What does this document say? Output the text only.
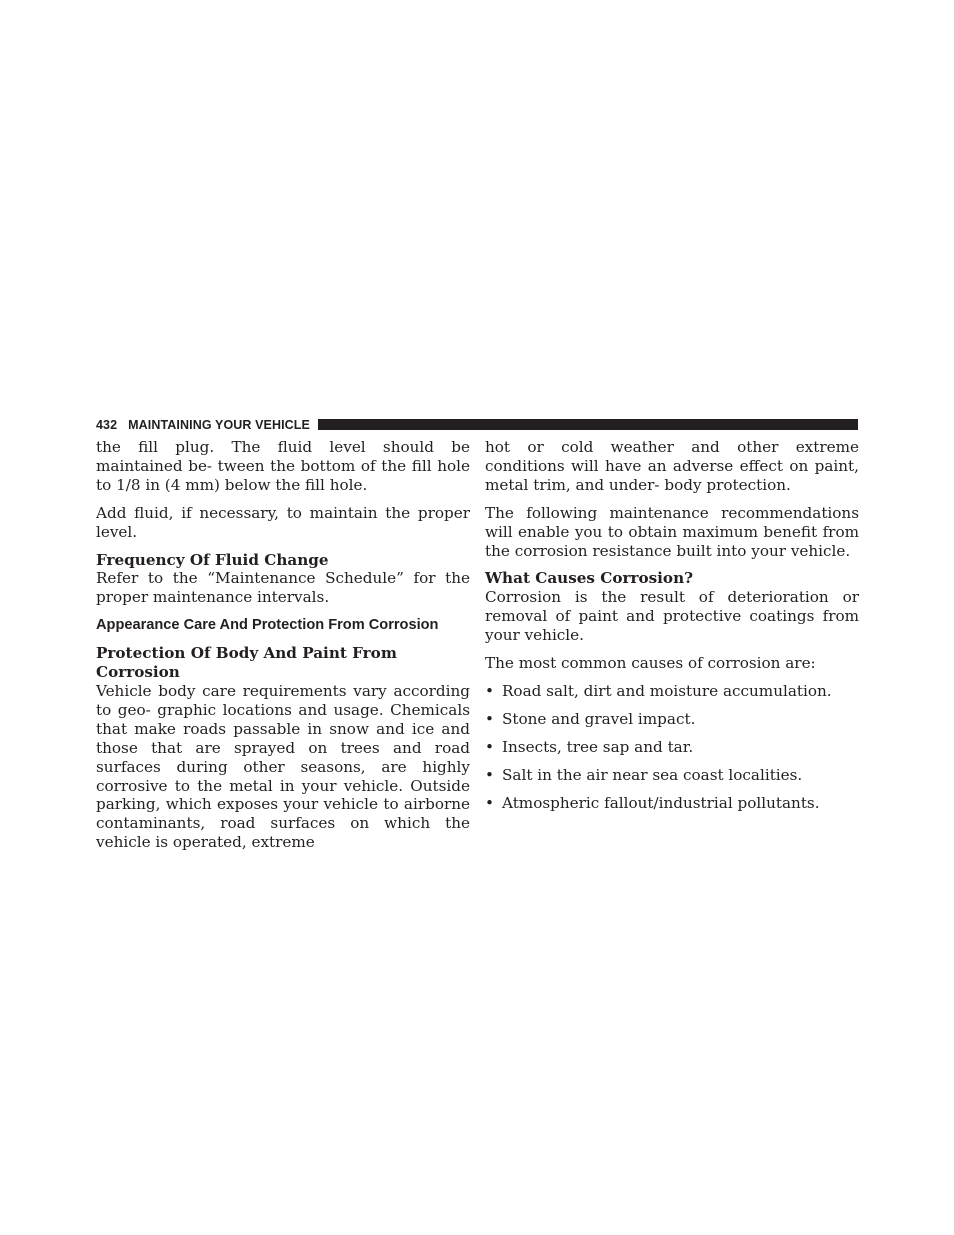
432 MAINTAINING YOUR VEHICLE

the fill plug. The fluid level should be maintained be- tween the bottom of the fill hole to 1/8 in (4 mm) below the fill hole.

Add fluid, if necessary, to maintain the proper level.

Frequency Of Fluid Change

Refer to the “Maintenance Schedule” for the proper maintenance intervals.

Appearance Care And Protection From Corrosion
Protection Of Body And Paint From Corrosion

Vehicle body care requirements vary according to geo- graphic locations and usage. Chemicals that make roads passable in snow and ice and those that are sprayed on trees and road surfaces during other seasons, are highly corrosive to the metal in your vehicle. Outside parking, which exposes your vehicle to airborne contaminants, road surfaces on which the vehicle is operated, extreme

hot or cold weather and other extreme conditions will have an adverse effect on paint, metal trim, and under- body protection.

The following maintenance recommendations will enable you to obtain maximum benefit from the corrosion resistance built into your vehicle.

What Causes Corrosion?

Corrosion is the result of deterioration or removal of paint and protective coatings from your vehicle.

The most common causes of corrosion are:

• Road salt, dirt and moisture accumulation.
• Stone and gravel impact.
• Insects, tree sap and tar.
• Salt in the air near sea coast localities.
• Atmospheric fallout/industrial pollutants.
